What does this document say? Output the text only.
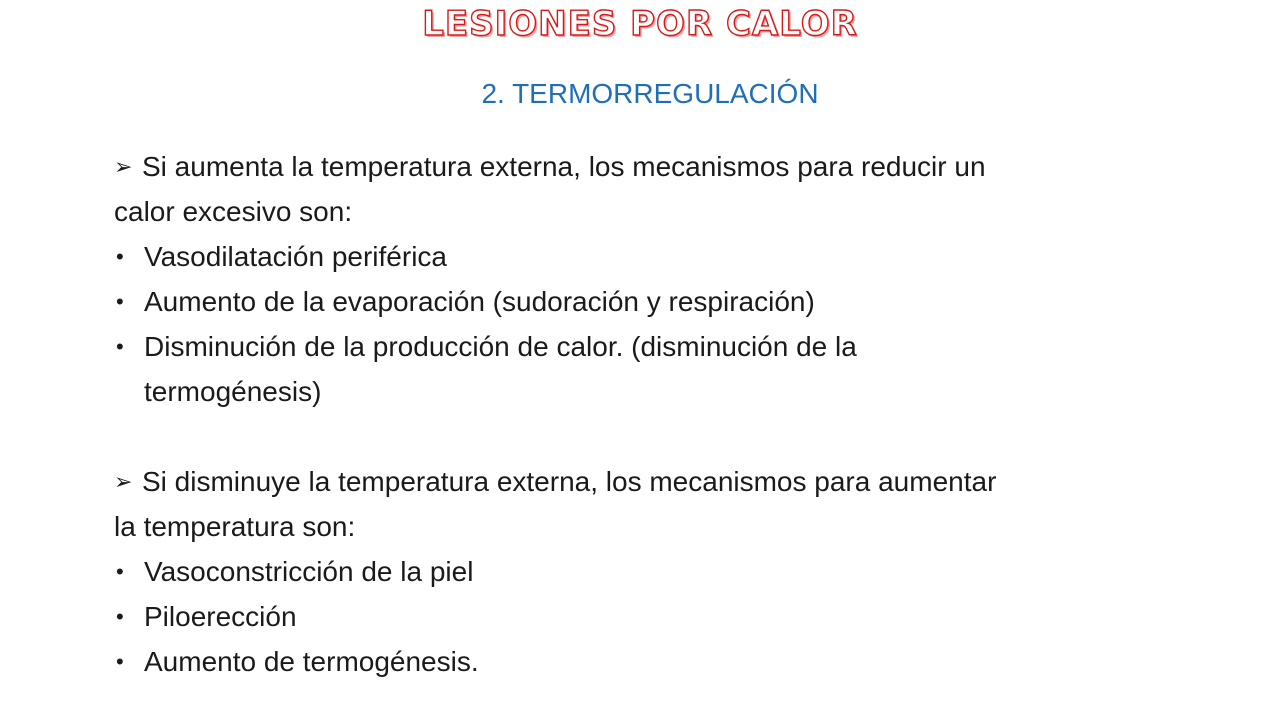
LESIONES POR CALOR
2. TERMORREGULACIÓN

➢ Si aumenta la temperatura externa, los mecanismos para reducir un calor excesivo son:

• Vasodilatación periférica
• Aumento de la evaporación (sudoración y respiración)
• Disminución de la producción de calor. (disminución de la termogénesis)

➢ Si disminuye la temperatura externa, los mecanismos para aumentar la temperatura son:

• Vasoconstricción de la piel
• Piloerección
• Aumento de termogénesis.
